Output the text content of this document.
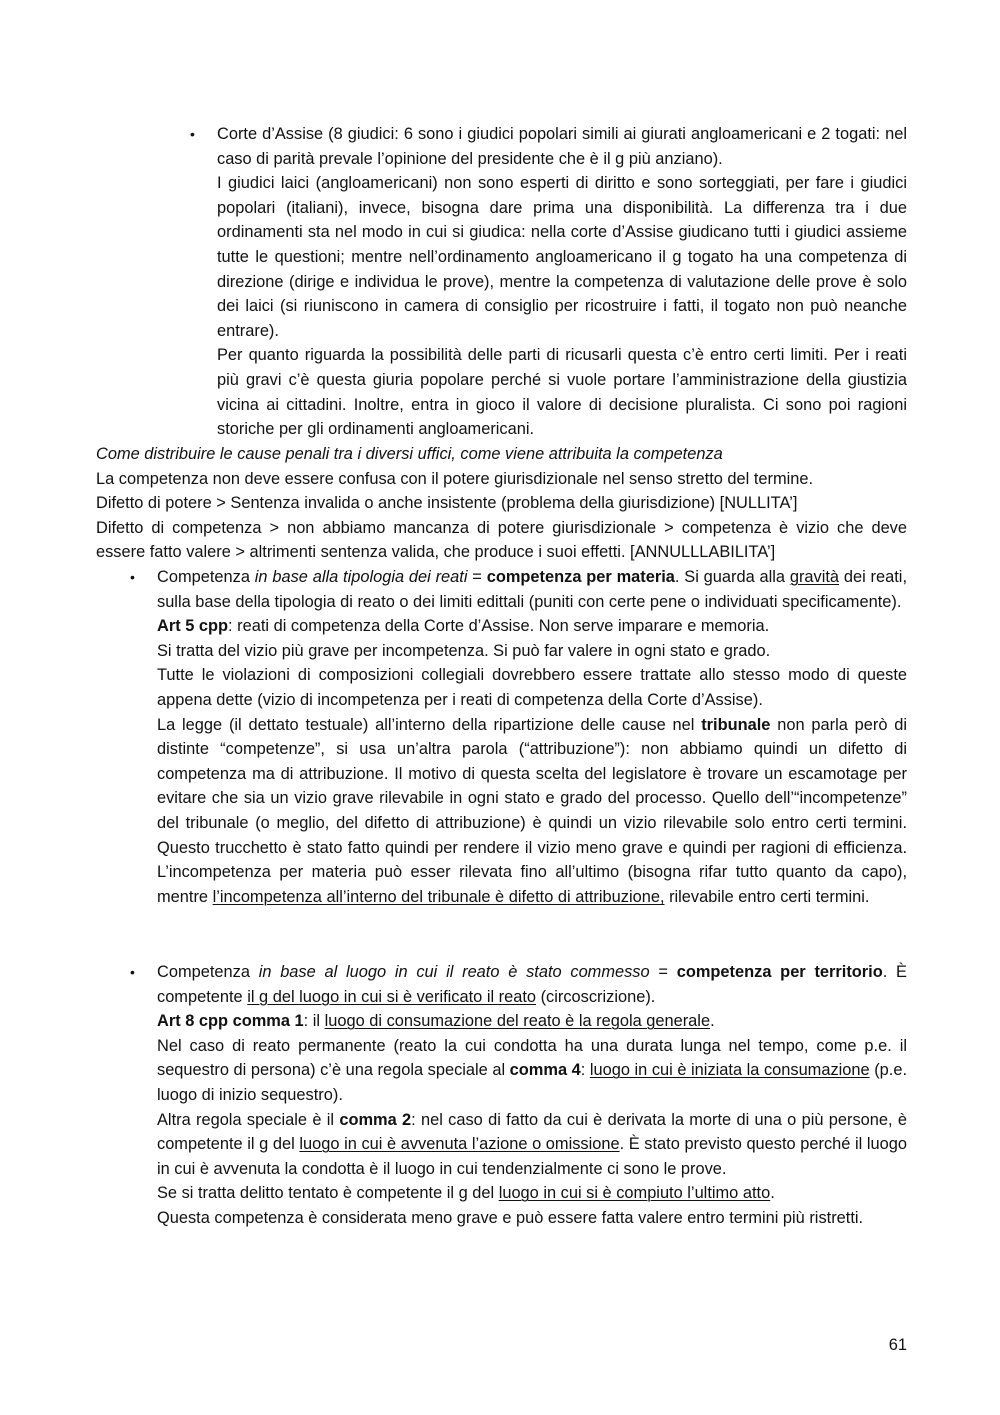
•	Corte d’Assise (8 giudici: 6 sono i giudici popolari simili ai giurati angloamericani e 2 togati: nel caso di parità prevale l’opinione del presidente che è il g più anziano).

I giudici laici (angloamericani) non sono esperti di diritto e sono sorteggiati, per fare i giudici popolari (italiani), invece, bisogna dare prima una disponibilità. La differenza tra i due ordinamenti sta nel modo in cui si giudica: nella corte d’Assise giudicano tutti i giudici assieme tutte le questioni; mentre nell’ordinamento angloamericano il g togato ha una competenza di direzione (dirige e individua le prove), mentre la competenza di valutazione delle prove è solo dei laici (si riuniscono in camera di consiglio per ricostruire i fatti, il togato non può neanche entrare).

Per quanto riguarda la possibilità delle parti di ricusarli questa c’è entro certi limiti. Per i reati più gravi c’è questa giuria popolare perché si vuole portare l’amministrazione della giustizia vicina ai cittadini. Inoltre, entra in gioco il valore di decisione pluralista. Ci sono poi ragioni storiche per gli ordinamenti angloamericani.

Come distribuire le cause penali tra i diversi uffici, come viene attribuita la competenza

La competenza non deve essere confusa con il potere giurisdizionale nel senso stretto del termine.

Difetto di potere > Sentenza invalida o anche insistente (problema della giurisdizione) [NULLITA’]

Difetto di competenza > non abbiamo mancanza di potere giurisdizionale > competenza è vizio che deve essere fatto valere > altrimenti sentenza valida, che produce i suoi effetti. [ANNULLLABILITA’]

•	Competenza in base alla tipologia dei reati = competenza per materia. Si guarda alla gravità dei reati, sulla base della tipologia di reato o dei limiti edittali (puniti con certe pene o individuati specificamente).

Art 5 cpp: reati di competenza della Corte d’Assise. Non serve imparare e memoria.

Si tratta del vizio più grave per incompetenza. Si può far valere in ogni stato e grado.

Tutte le violazioni di composizioni collegiali dovrebbero essere trattate allo stesso modo di queste appena dette (vizio di incompetenza per i reati di competenza della Corte d’Assise).

La legge (il dettato testuale) all’interno della ripartizione delle cause nel tribunale non parla però di distinte “competenze”, si usa un’altra parola (“attribuzione”): non abbiamo quindi un difetto di competenza ma di attribuzione. Il motivo di questa scelta del legislatore è trovare un escamotage per evitare che sia un vizio grave rilevabile in ogni stato e grado del processo. Quello dell’“incompetenze” del tribunale (o meglio, del difetto di attribuzione) è quindi un vizio rilevabile solo entro certi termini. Questo trucchetto è stato fatto quindi per rendere il vizio meno grave e quindi per ragioni di efficienza. L’incompetenza per materia può esser rilevata fino all’ultimo (bisogna rifar tutto quanto da capo), mentre l’incompetenza all’interno del tribunale è difetto di attribuzione, rilevabile entro certi termini.

•	Competenza in base al luogo in cui il reato è stato commesso = competenza per territorio. È competente il g del luogo in cui si è verificato il reato (circoscrizione).

Art 8 cpp comma 1: il luogo di consumazione del reato è la regola generale.

Nel caso di reato permanente (reato la cui condotta ha una durata lunga nel tempo, come p.e. il sequestro di persona) c’è una regola speciale al comma 4: luogo in cui è iniziata la consumazione (p.e. luogo di inizio sequestro).

Altra regola speciale è il comma 2: nel caso di fatto da cui è derivata la morte di una o più persone, è competente il g del luogo in cui è avvenuta l’azione o omissione. È stato previsto questo perché il luogo in cui è avvenuta la condotta è il luogo in cui tendenzialmente ci sono le prove.

Se si tratta delitto tentato è competente il g del luogo in cui si è compiuto l’ultimo atto.

Questa competenza è considerata meno grave e può essere fatta valere entro termini più ristretti.

61
